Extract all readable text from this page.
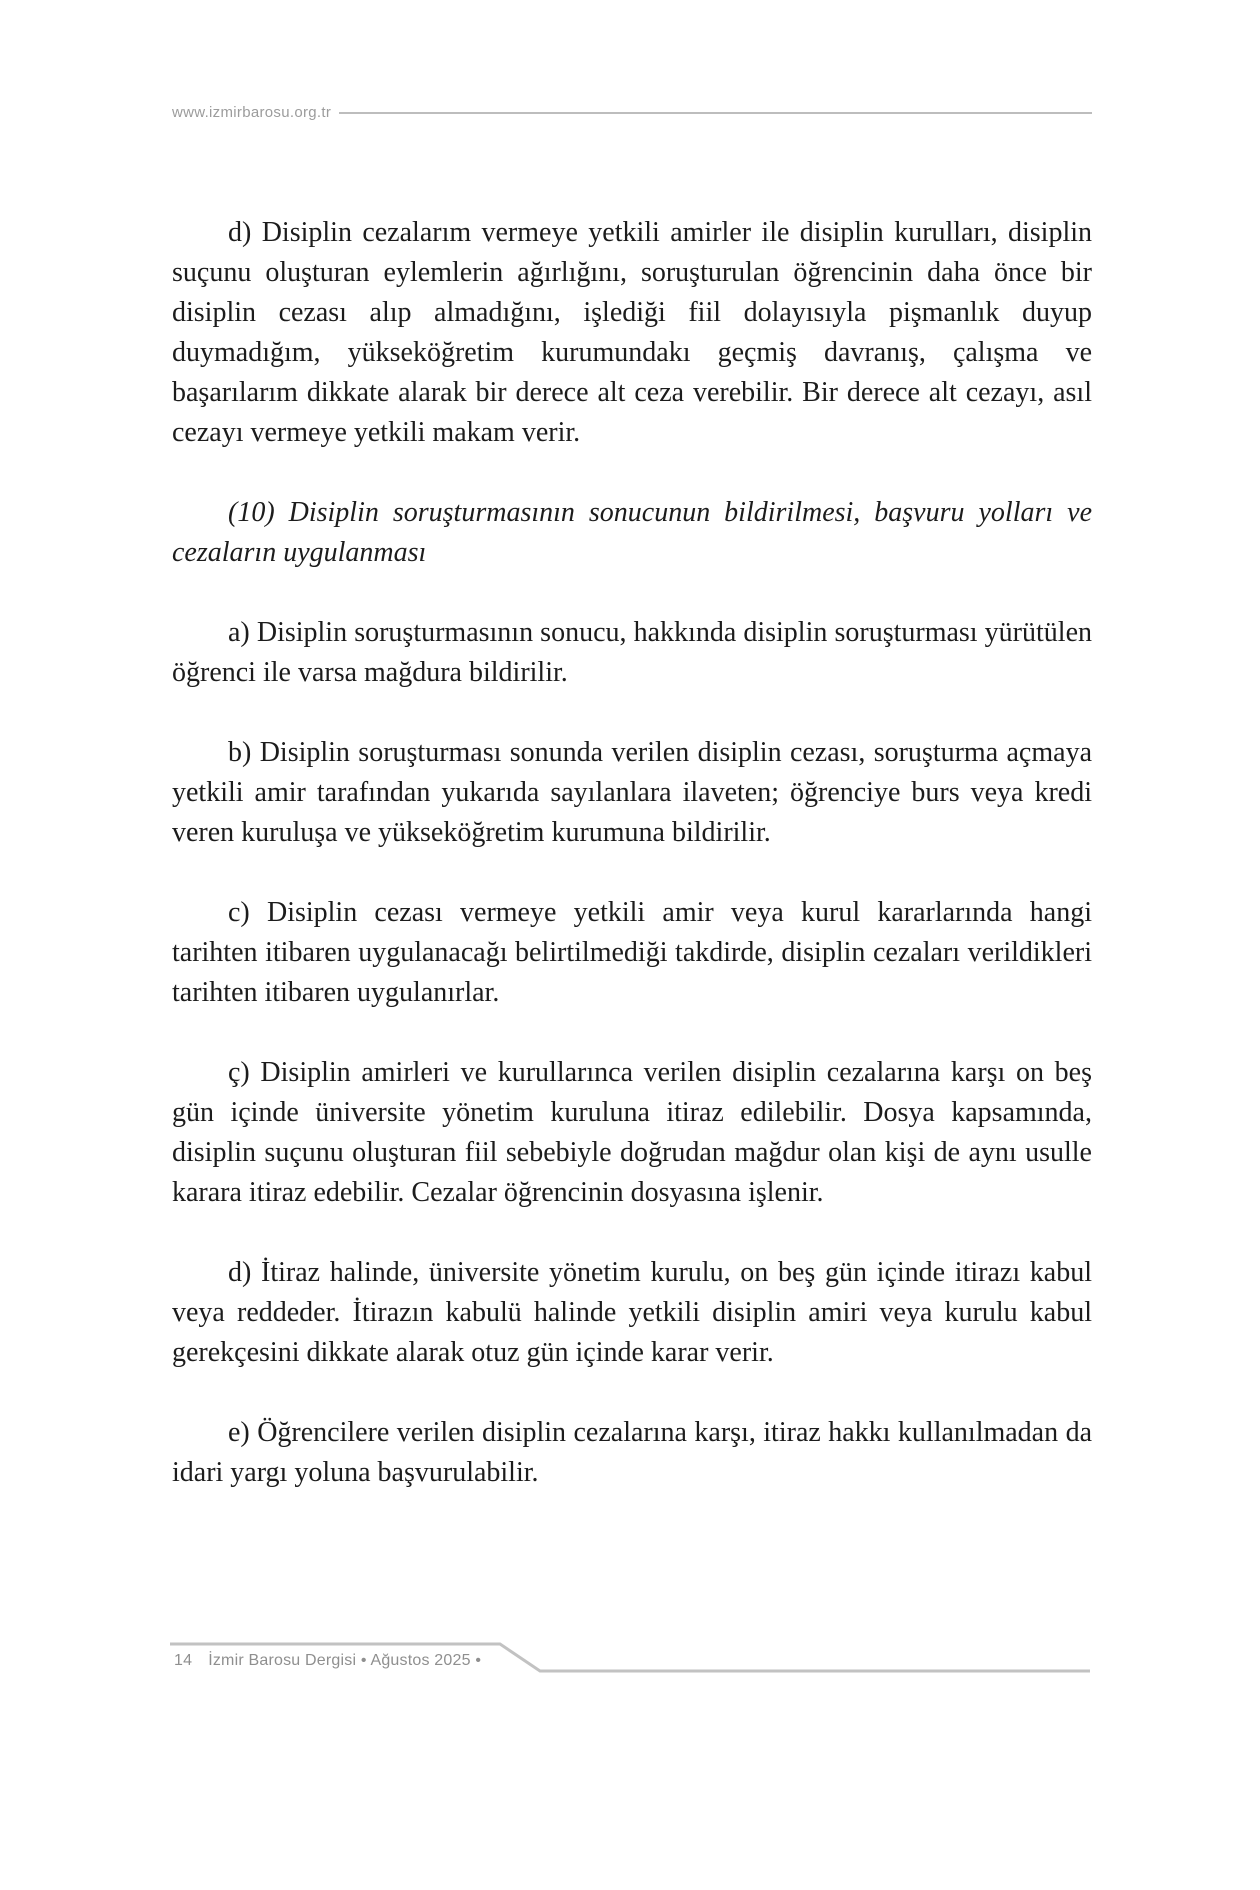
www.izmirbarosu.org.tr

d) Disiplin cezalarım vermeye yetkili amirler ile disiplin kurulları, disiplin suçunu oluşturan eylemlerin ağırlığını, soruşturulan öğrencinin daha önce bir disiplin cezası alıp almadığını, işlediği fiil dolayısıyla pişmanlık duyup duymadığım, yükseköğretim kurumundakı geçmiş davranış, çalışma ve başarılarım dikkate alarak bir derece alt ceza verebilir. Bir derece alt cezayı, asıl cezayı vermeye yetkili makam verir.

(10) Disiplin soruşturmasının sonucunun bildirilmesi, başvuru yolları ve cezaların uygulanması

a) Disiplin soruşturmasının sonucu, hakkında disiplin soruşturması yürütülen öğrenci ile varsa mağdura bildirilir.

b) Disiplin soruşturması sonunda verilen disiplin cezası, soruşturma açmaya yetkili amir tarafından yukarıda sayılanlara ilaveten; öğrenciye burs veya kredi veren kuruluşa ve yükseköğretim kurumuna bildirilir.

c) Disiplin cezası vermeye yetkili amir veya kurul kararlarında hangi tarihten itibaren uygulanacağı belirtilmediği takdirde, disiplin cezaları verildikleri tarihten itibaren uygulanırlar.

ç) Disiplin amirleri ve kurullarınca verilen disiplin cezalarına karşı on beş gün içinde üniversite yönetim kuruluna itiraz edilebilir. Dosya kapsamında, disiplin suçunu oluşturan fiil sebebiyle doğrudan mağdur olan kişi de aynı usulle karara itiraz edebilir. Cezalar öğrencinin dosyasına işlenir.

d) İtiraz halinde, üniversite yönetim kurulu, on beş gün içinde itirazı kabul veya reddeder. İtirazın kabulü halinde yetkili disiplin amiri veya kurulu kabul gerekçesini dikkate alarak otuz gün içinde karar verir.

e) Öğrencilere verilen disiplin cezalarına karşı, itiraz hakkı kullanılmadan da idari yargı yoluna başvurulabilir.

14 İzmir Barosu Dergisi • Ağustos 2025 •
